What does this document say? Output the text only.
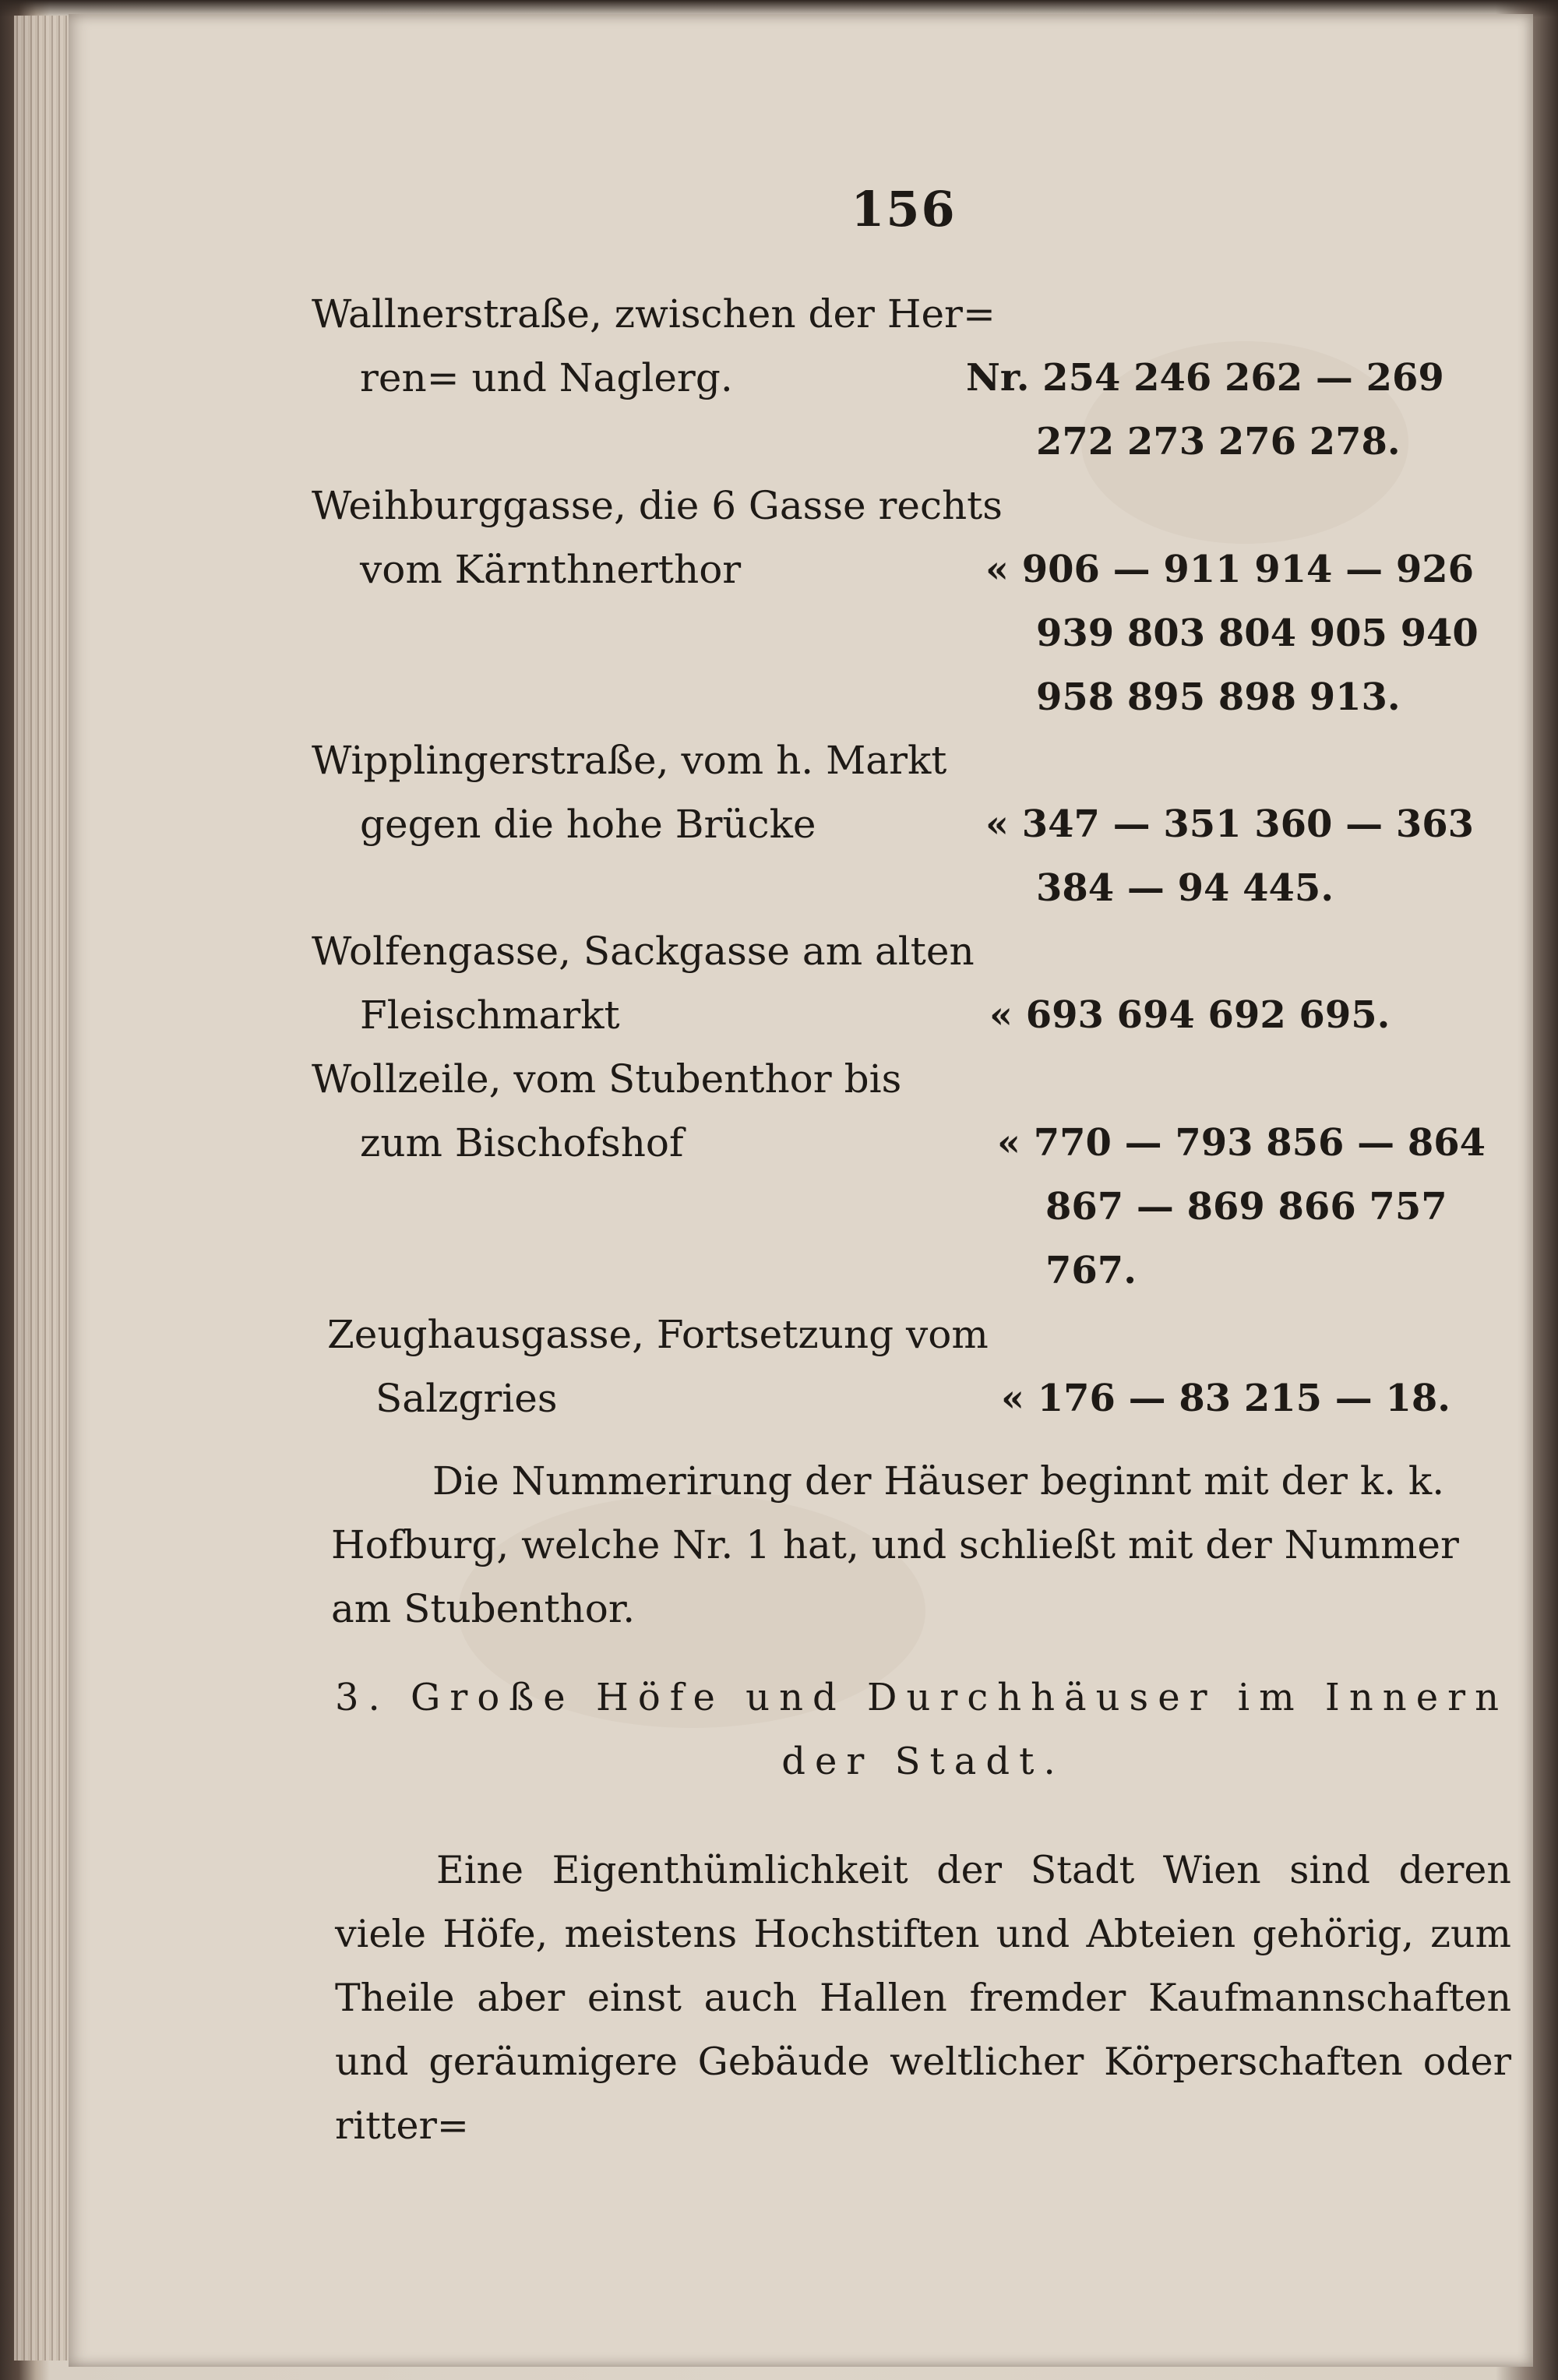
156
Wallnerstraße, zwischen der Her=
ren= und Naglerg.	Nr. 254 246 262 — 269
272 273 276 278.
Weihburggasse, die 6 Gasse rechts
vom Kärnthnerthor	« 906 — 911 914 — 926
939 803 804 905 940
958 895 898 913.
Wipplingerstraße, vom h. Markt
gegen die hohe Brücke	« 347 — 351 360 — 363
384 — 94 445.
Wolfengasse, Sackgasse am alten
Fleischmarkt	« 693 694 692 695.
Wollzeile, vom Stubenthor bis
zum Bischofshof	« 770 — 793 856 — 864
867 — 869 866 757
767.
Zeughausgasse, Fortsetzung vom
Salzgries	« 176 — 83 215 — 18.
Die Nummerirung der Häuser beginnt mit der k. k. Hofburg, welche Nr. 1 hat, und schließt mit der Nummer am Stubenthor.
3. Große Höfe und Durchhäuser im Innern
der Stadt.
Eine Eigenthümlichkeit der Stadt Wien sind deren viele Höfe, meistens Hochstiften und Abteien gehörig, zum Theile aber einst auch Hallen fremder Kaufmannschaften und geräumigere Gebäude weltlicher Körperschaften oder ritter=
